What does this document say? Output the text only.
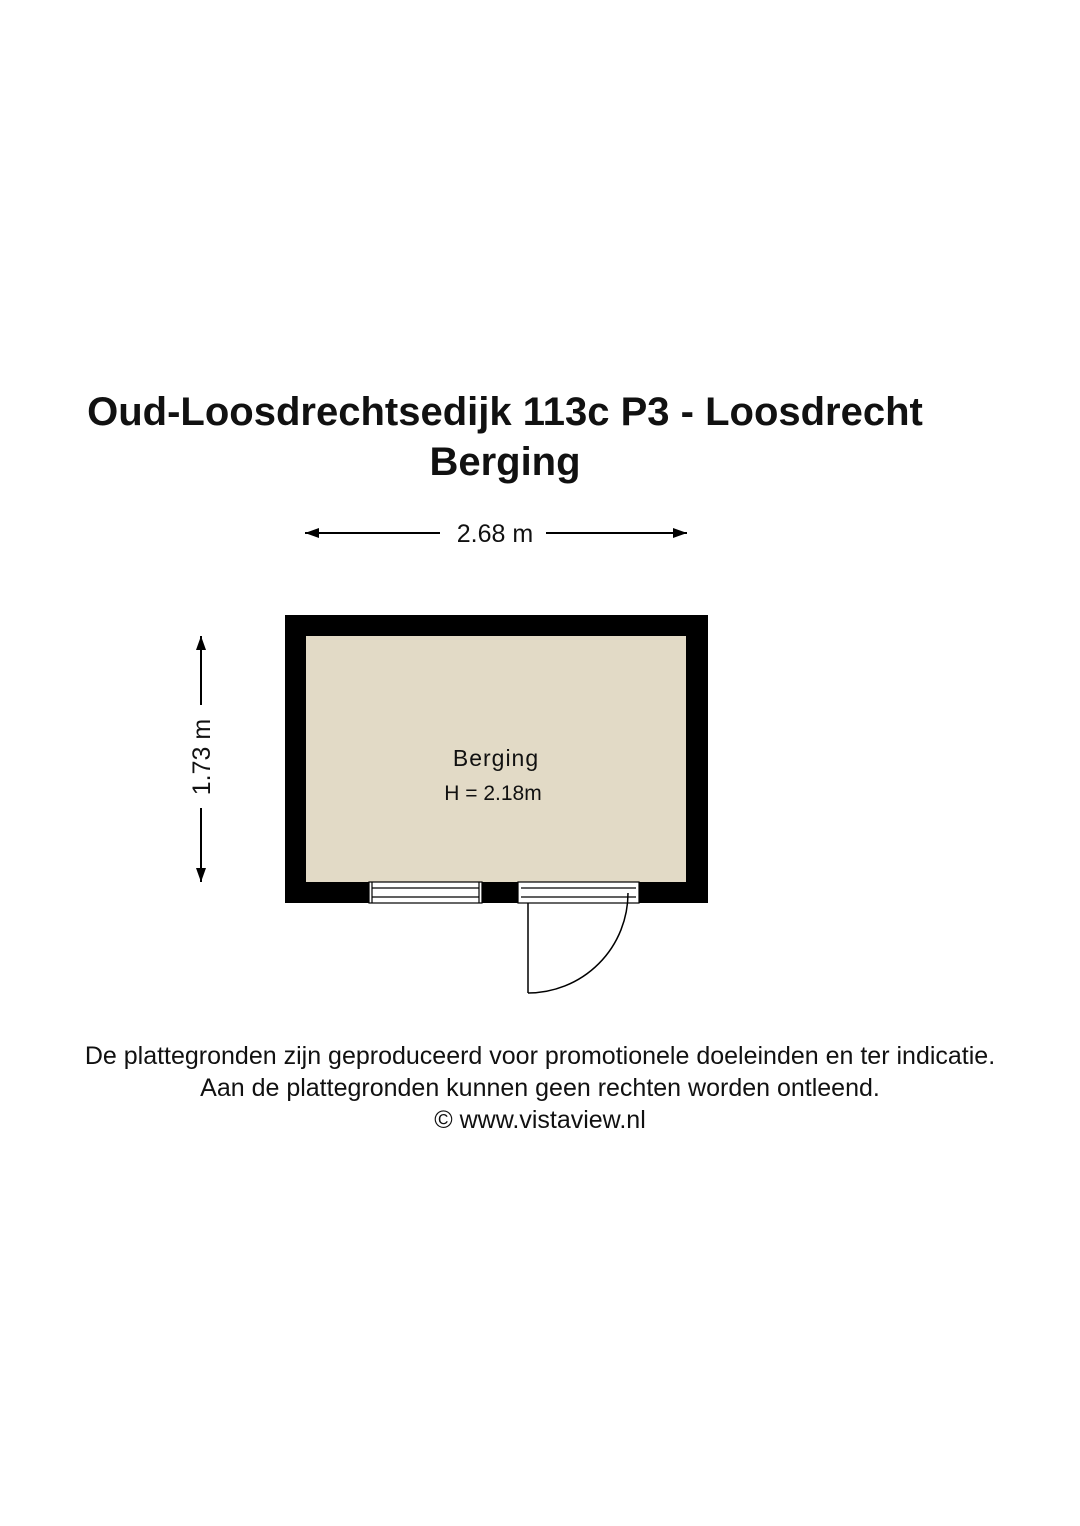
Oud-Loosdrechtsedijk 113c P3 - Loosdrecht
Berging
2.68 m
1.73 m	Berging
H = 2.18m

De plattegronden zijn geproduceerd voor promotionele doeleinden en ter indicatie.

Aan de plattegronden kunnen geen rechten worden ontleend.

© www.vistaview.nl
